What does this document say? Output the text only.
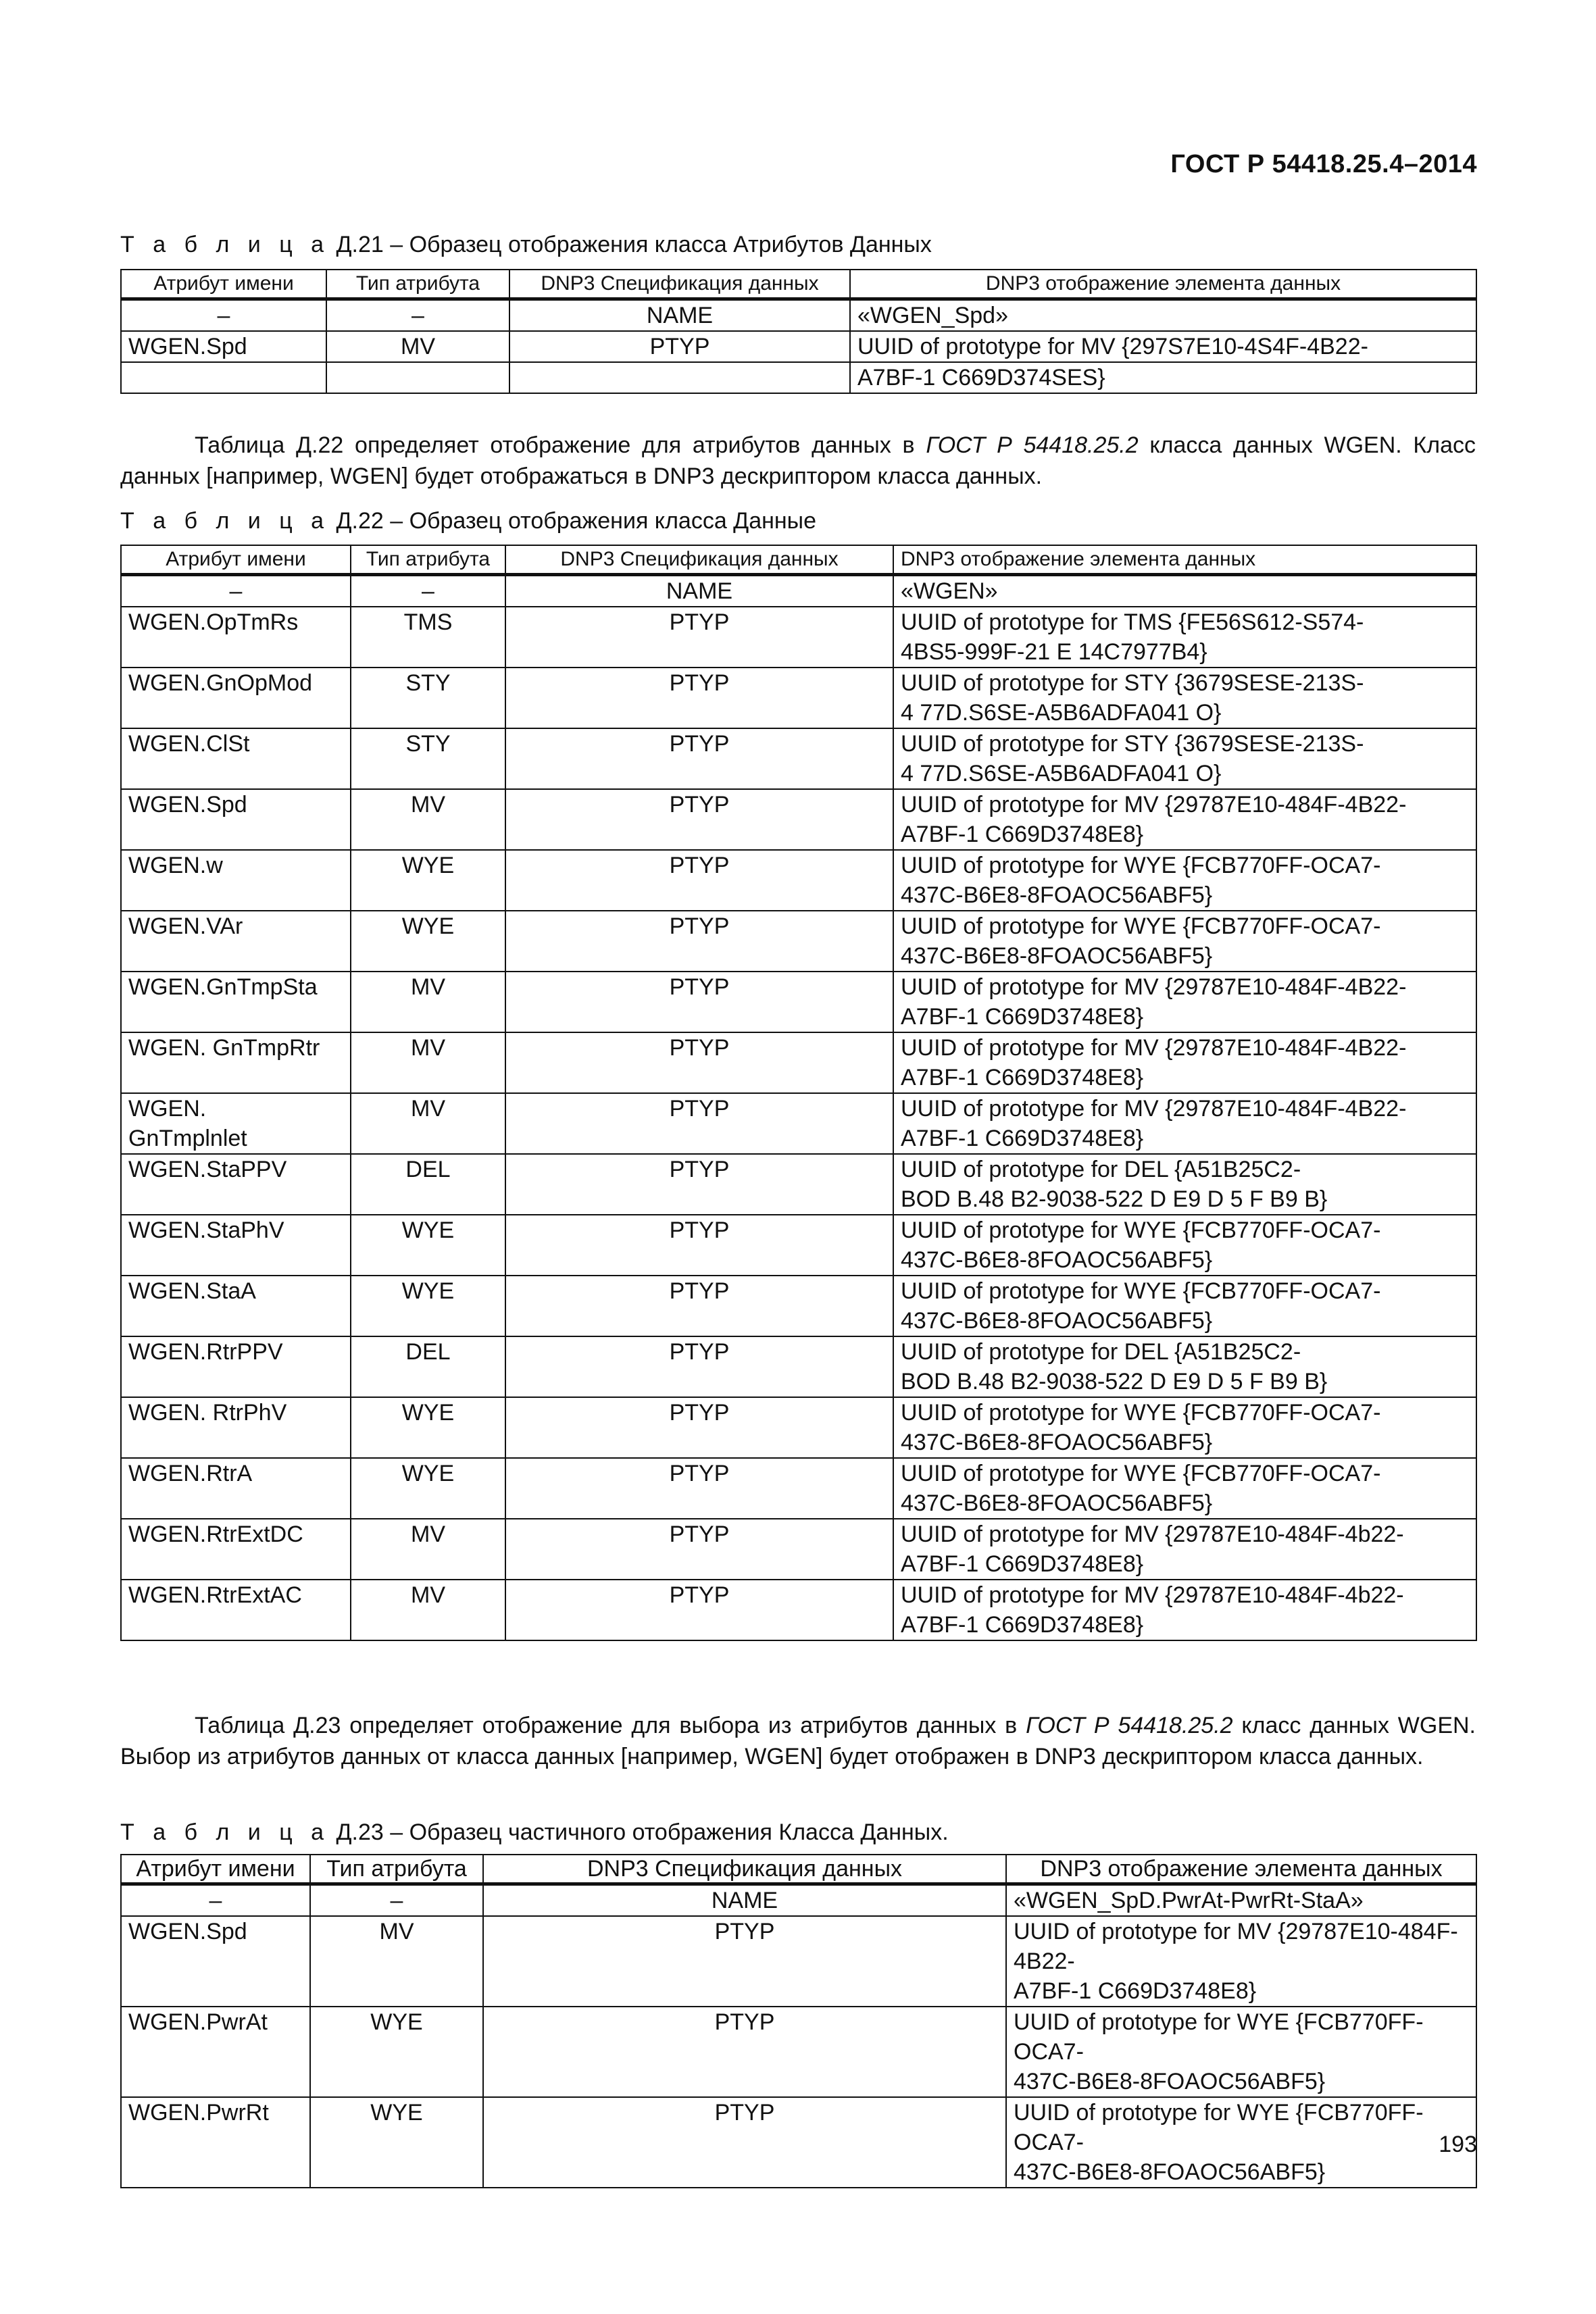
ГОСТ Р 54418.25.4–2014
Т а б л и ц а Д.21 – Образец отображения класса Атрибутов Данных
Атрибут имени	Тип атрибута	DNP3 Спецификация данных	DNP3 отображение элемента данных
–	–	NAME	«WGEN_Spd»
WGEN.Spd	MV	PTYP	UUID of prototype for MV {297S7E10-4S4F-4B22-
			A7BF-1 C669D374SES}
Таблица Д.22 определяет отображение для атрибутов данных в ГОСТ Р 54418.25.2 класса данных WGEN. Класс данных [например, WGEN] будет отображаться в DNP3 дескриптором класса данных.
Т а б л и ц а Д.22 – Образец отображения класса Данные
Атрибут имени	Тип атрибута	DNP3 Спецификация данных	DNP3 отображение элемента данных
–	–	NAME	«WGEN»

WGEN.OpTmRs	TMS	PTYP	UUID of prototype for TMS {FE56S612-S574-
4BS5-999F-21 E 14C7977B4}
WGEN.GnOpMod	STY	PTYP	UUID of prototype for STY {3679SESE-213S-
4 77D.S6SE-A5B6ADFA041 O}
WGEN.ClSt	STY	PTYP	UUID of prototype for STY {3679SESE-213S-
4 77D.S6SE-A5B6ADFA041 O}
WGEN.Spd	MV	PTYP	UUID of prototype for MV {29787E10-484F-4B22-
A7BF-1 C669D3748E8}
WGEN.w	WYE	PTYP	UUID of prototype for WYE {FCB770FF-OCA7-
437C-B6E8-8FOAOC56ABF5}
WGEN.VAr	WYE	PTYP	UUID of prototype for WYE {FCB770FF-OCA7-
437C-B6E8-8FOAOC56ABF5}
WGEN.GnTmpSta	MV	PTYP	UUID of prototype for MV {29787E10-484F-4B22-
A7BF-1 C669D3748E8}
WGEN. GnTmpRtr	MV	PTYP	UUID of prototype for MV {29787E10-484F-4B22-
A7BF-1 C669D3748E8}
WGEN.
GnTmplnlet	MV	PTYP	UUID of prototype for MV {29787E10-484F-4B22-
A7BF-1 C669D3748E8}
WGEN.StaPPV	DEL	PTYP	UUID of prototype for DEL {A51B25C2-
BOD B.48 B2-9038-522 D E9 D 5 F B9 B}
WGEN.StaPhV	WYE	PTYP	UUID of prototype for WYE {FCB770FF-OCA7-
437C-B6E8-8FOAOC56ABF5}
WGEN.StaA	WYE	PTYP	UUID of prototype for WYE {FCB770FF-OCA7-
437C-B6E8-8FOAOC56ABF5}
WGEN.RtrPPV	DEL	PTYP	UUID of prototype for DEL {A51B25C2-
BOD B.48 B2-9038-522 D E9 D 5 F B9 B}
WGEN. RtrPhV	WYE	PTYP	UUID of prototype for WYE {FCB770FF-OCA7-
437C-B6E8-8FOAOC56ABF5}
WGEN.RtrA	WYE	PTYP	UUID of prototype for WYE {FCB770FF-OCA7-
437C-B6E8-8FOAOC56ABF5}
WGEN.RtrExtDC	MV	PTYP	UUID of prototype for MV {29787E10-484F-4b22-
A7BF-1 C669D3748E8}
WGEN.RtrExtAC	MV	PTYP	UUID of prototype for MV {29787E10-484F-4b22-
A7BF-1 C669D3748E8}
Таблица Д.23 определяет отображение для выбора из атрибутов данных в ГОСТ Р 54418.25.2 класс данных WGEN. Выбор из атрибутов данных от класса данных [например, WGEN] будет отображен в DNP3 дескриптором класса данных.
Т а б л и ц а Д.23 – Образец частичного отображения Класса Данных.
Атрибут имени	Тип атрибута	DNP3 Спецификация данных	DNP3 отображение элемента данных
–	–	NAME	«WGEN_SpD.PwrAt-PwrRt-StaA»

WGEN.Spd	MV	PTYP	UUID of prototype for MV {29787E10-484F-4B22-
A7BF-1 C669D3748E8}
WGEN.PwrAt	WYE	PTYP	UUID of prototype for WYE {FCB770FF-OCA7-
437C-B6E8-8FOAOC56ABF5}
WGEN.PwrRt	WYE	PTYP	UUID of prototype for WYE {FCB770FF-OCA7-
437C-B6E8-8FOAOC56ABF5}
193
